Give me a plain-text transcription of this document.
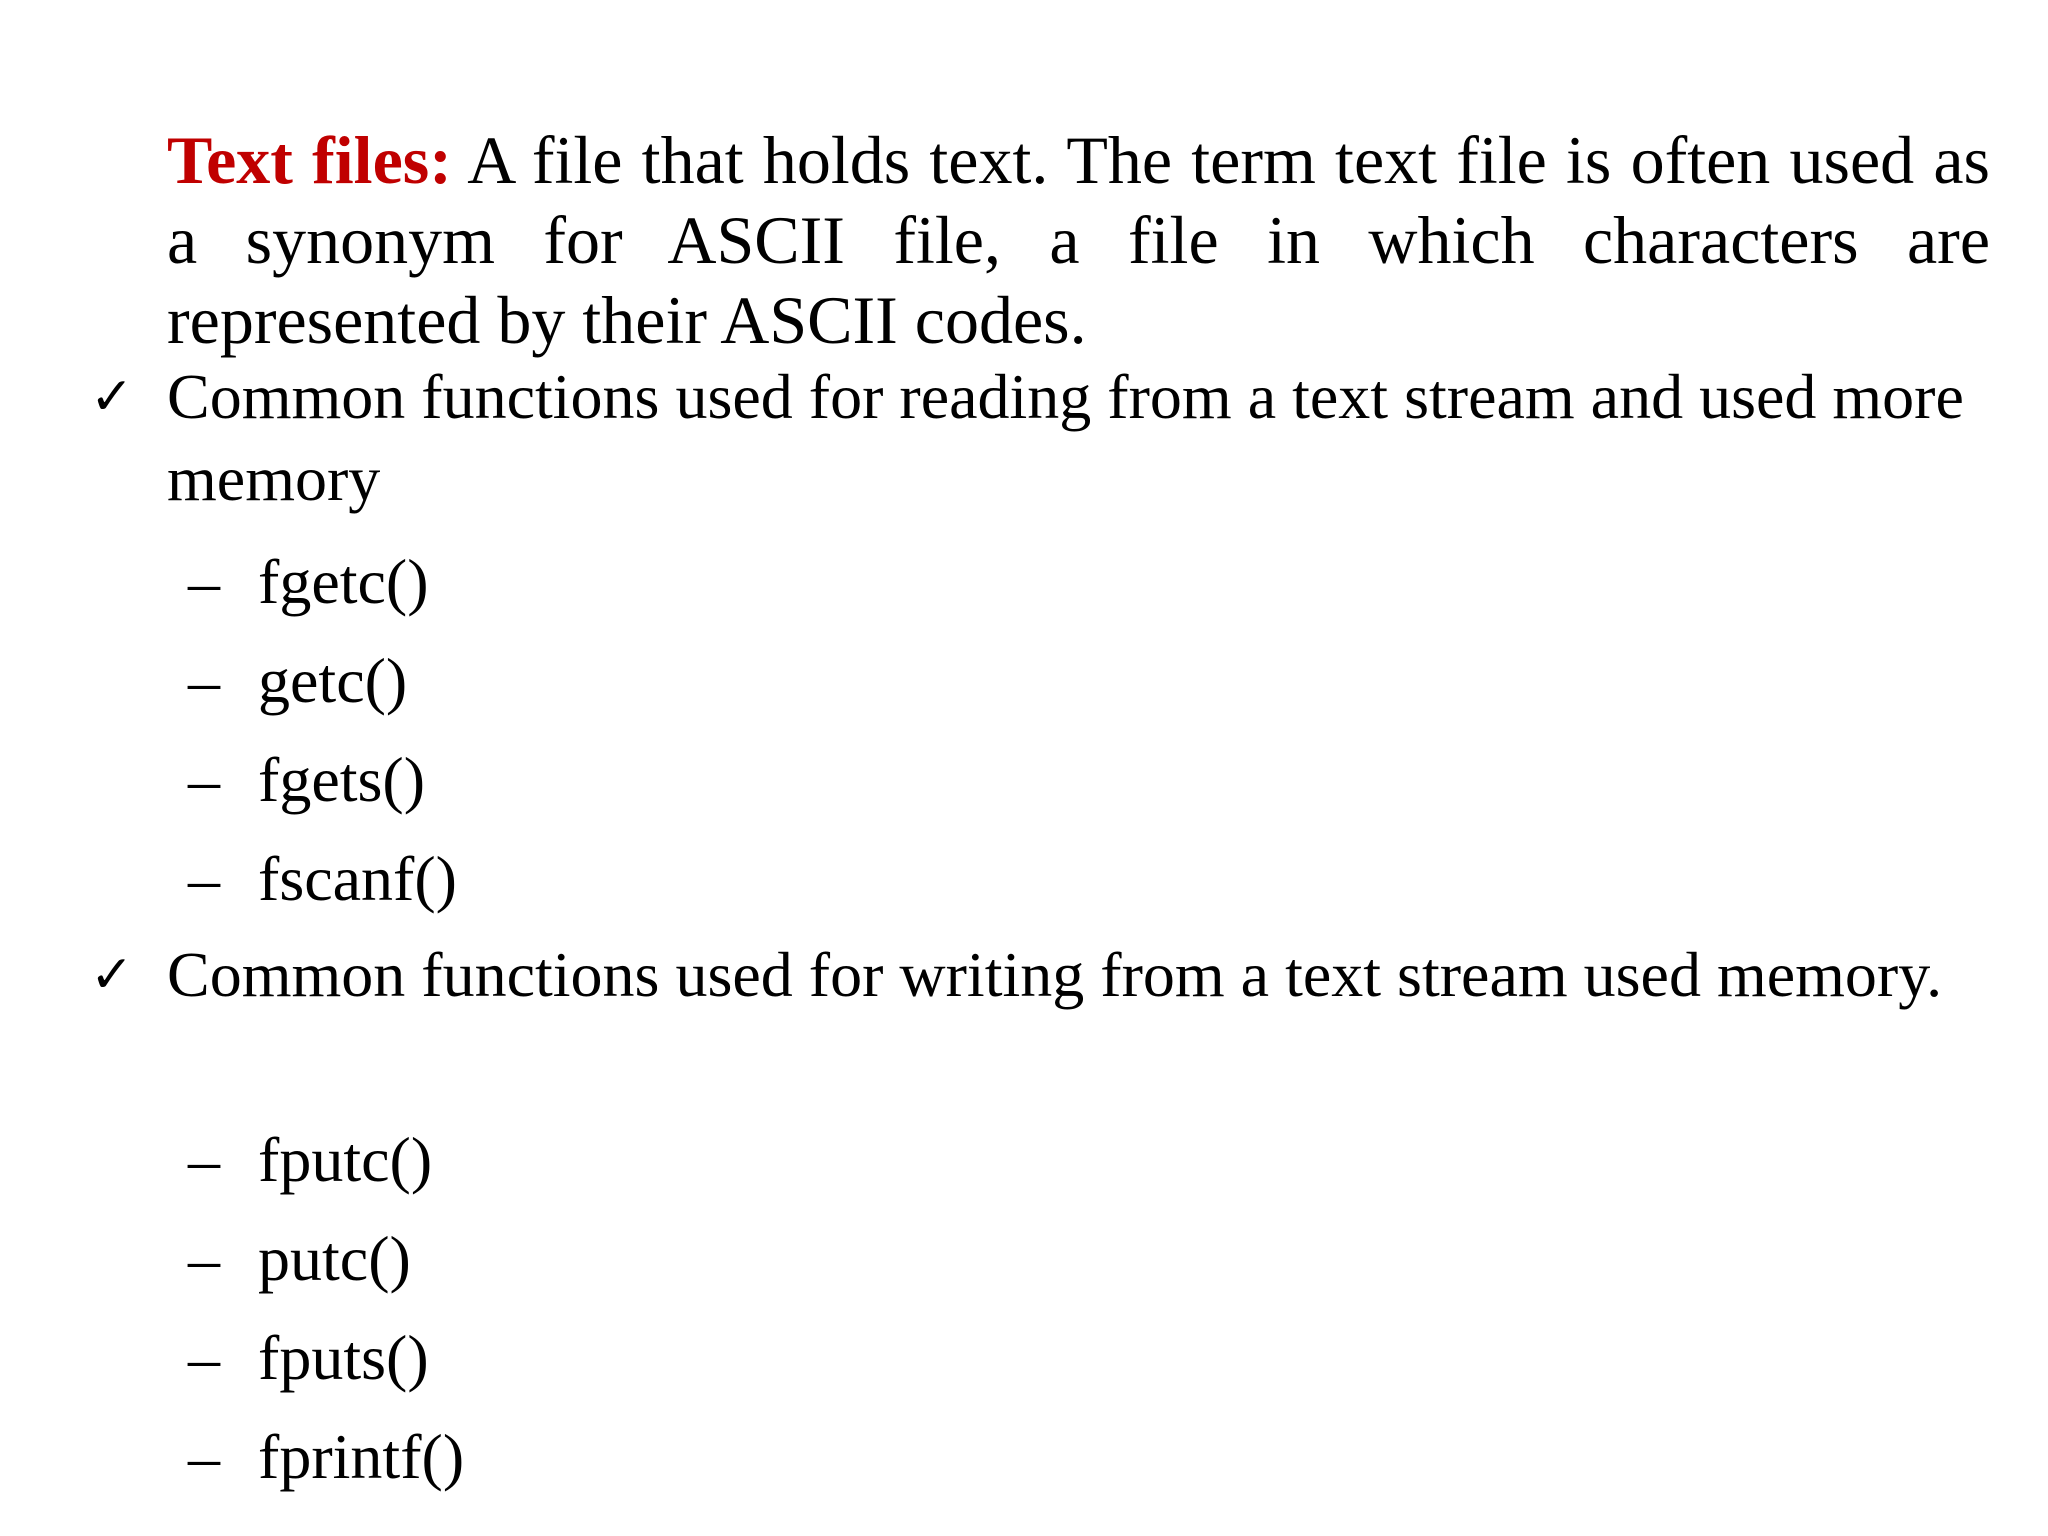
Text files: A file that holds text. The term text file is often used as a synonym for ASCII file, a file in which characters are represented by their ASCII codes.

✓ Common functions used for reading from a text stream and used more memory
– fgetc()
– getc()
– fgets()
– fscanf()
✓ Common functions used for writing from a text stream used memory.
– fputc()
– putc()
– fputs()
– fprintf()
